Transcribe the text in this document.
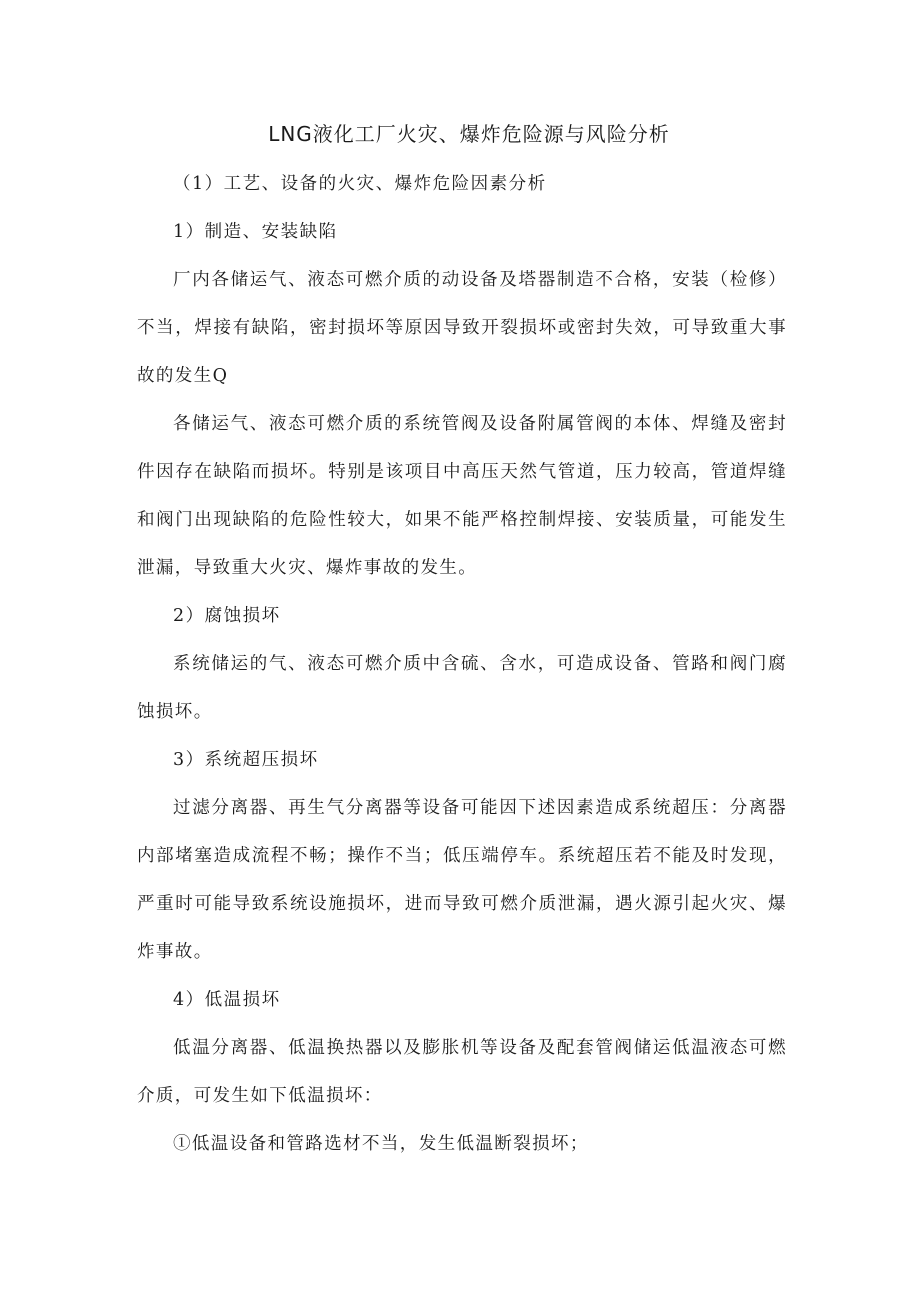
LNG液化工厂火灾、爆炸危险源与风险分析

（1）工艺、设备的火灾、爆炸危险因素分析

1）制造、安装缺陷

厂内各储运气、液态可燃介质的动设备及塔器制造不合格，安装（检修）不当，焊接有缺陷，密封损坏等原因导致开裂损坏或密封失效，可导致重大事故的发生Q

各储运气、液态可燃介质的系统管阀及设备附属管阀的本体、焊缝及密封件因存在缺陷而损坏。特别是该项目中高压天然气管道，压力较高，管道焊缝和阀门出现缺陷的危险性较大，如果不能严格控制焊接、安装质量，可能发生泄漏，导致重大火灾、爆炸事故的发生。

2）腐蚀损坏

系统储运的气、液态可燃介质中含硫、含水，可造成设备、管路和阀门腐蚀损坏。

3）系统超压损坏

过滤分离器、再生气分离器等设备可能因下述因素造成系统超压：分离器内部堵塞造成流程不畅；操作不当；低压端停车。系统超压若不能及时发现，严重时可能导致系统设施损坏，进而导致可燃介质泄漏，遇火源引起火灾、爆炸事故。

4）低温损坏

低温分离器、低温换热器以及膨胀机等设备及配套管阀储运低温液态可燃介质，可发生如下低温损坏：

①低温设备和管路选材不当，发生低温断裂损坏；
